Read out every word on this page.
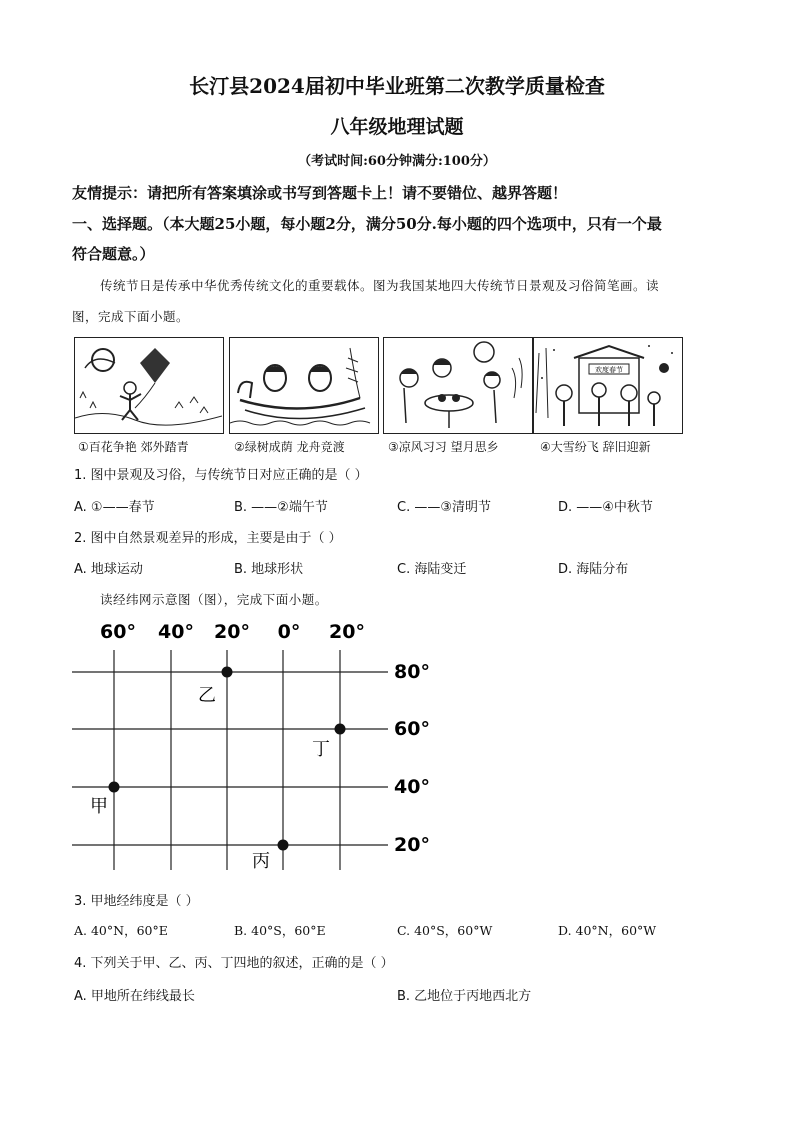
长汀县2024届初中毕业班第二次教学质量检查
八年级地理试题
（考试时间:60分钟满分:100分）
友情提示：请把所有答案填涂或书写到答题卡上！请不要错位、越界答题！
一、选择题。（本大题25小题，每小题2分，满分50分.每小题的四个选项中，只有一个最
符合题意。）
传统节日是传承中华优秀传统文化的重要载体。图为我国某地四大传统节日景观及习俗简笔画。读
图，完成下面小题。
欢度春节
①百花争艳 郊外踏青	②绿树成荫 龙舟竞渡	③凉风习习 望月思乡	④大雪纷飞 辞旧迎新
1. 图中景观及习俗，与传统节日对应正确的是（ ）
A. ①——春节	B. ——②端午节	C. ——③清明节	D. ——④中秋节
2. 图中自然景观差异的形成，主要是由于（ ）
A. 地球运动	B. 地球形状	C. 海陆变迁	D. 海陆分布
读经纬网示意图（图），完成下面小题。
60° 40° 20° 0° 20°
80°
60°
40°
20°
甲
乙
丙
丁
3. 甲地经纬度是（ ）
A. 40°N，60°E	B. 40°S，60°E	C. 40°S，60°W	D. 40°N，60°W
4. 下列关于甲、乙、丙、丁四地的叙述，正确的是（ ）
A. 甲地所在纬线最长	B. 乙地位于丙地西北方
